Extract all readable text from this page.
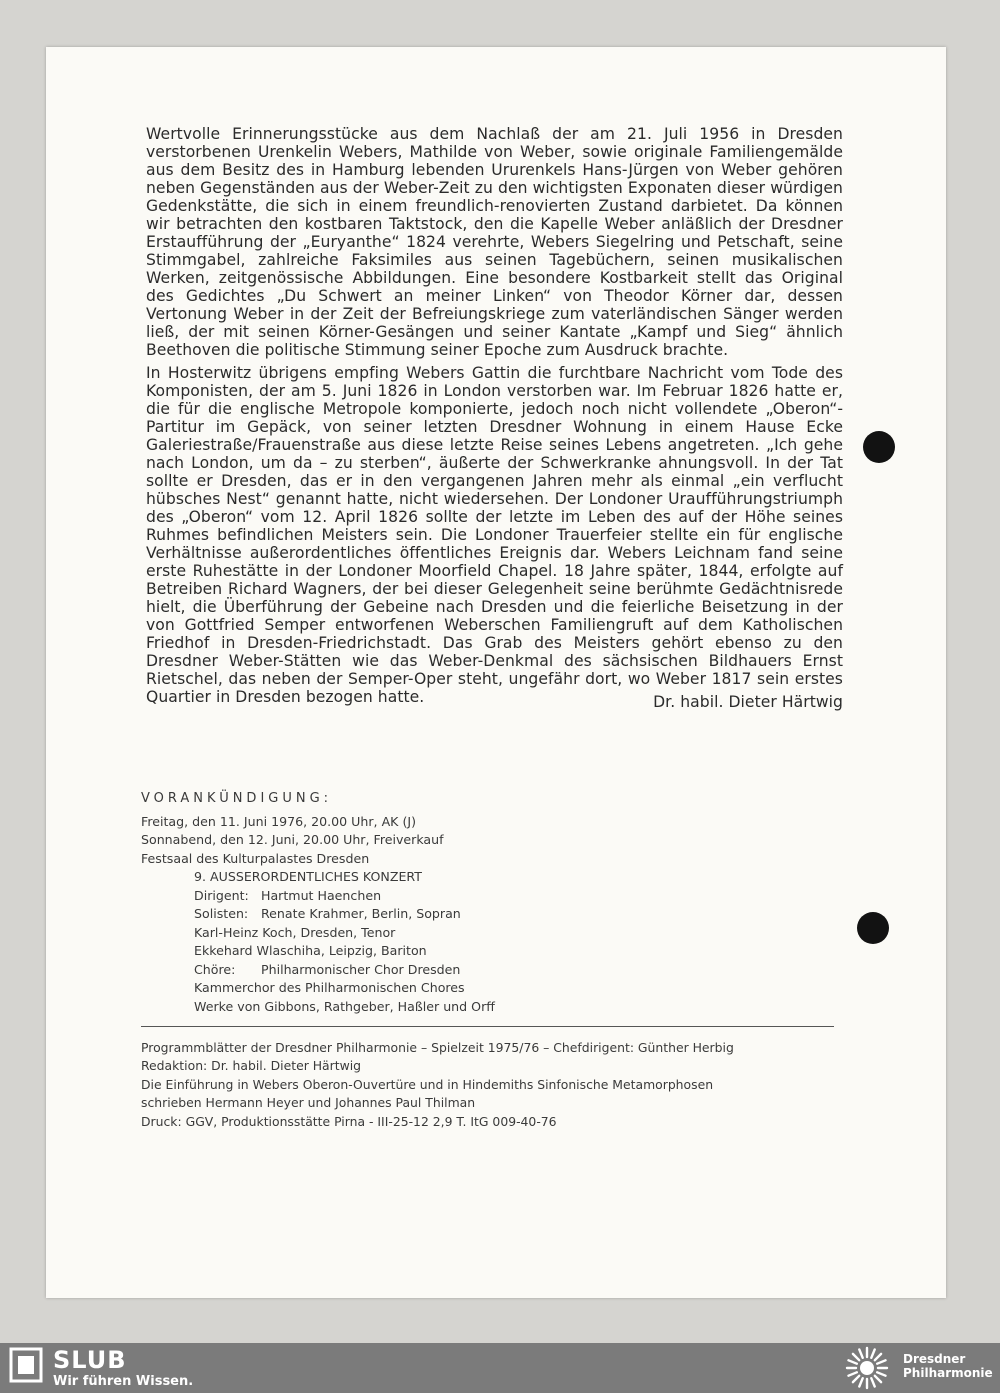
Wertvolle Erinnerungsstücke aus dem Nachlaß der am 21. Juli 1956 in Dresden verstorbenen Urenkelin Webers, Mathilde von Weber, sowie originale Familiengemälde aus dem Besitz des in Hamburg lebenden Ururenkels Hans-Jürgen von Weber gehören neben Gegenständen aus der Weber-Zeit zu den wichtigsten Exponaten dieser würdigen Gedenkstätte, die sich in einem freundlich-renovierten Zustand darbietet. Da können wir betrachten den kostbaren Taktstock, den die Kapelle Weber anläßlich der Dresdner Erstaufführung der „Euryanthe“ 1824 verehrte, Webers Siegelring und Petschaft, seine Stimmgabel, zahlreiche Faksimiles aus seinen Tagebüchern, seinen musikalischen Werken, zeitgenössische Abbildungen. Eine besondere Kostbarkeit stellt das Original des Gedichtes „Du Schwert an meiner Linken“ von Theodor Körner dar, dessen Vertonung Weber in der Zeit der Befreiungskriege zum vaterländischen Sänger werden ließ, der mit seinen Körner-Gesängen und seiner Kantate „Kampf und Sieg“ ähnlich Beethoven die politische Stimmung seiner Epoche zum Ausdruck brachte.

In Hosterwitz übrigens empfing Webers Gattin die furchtbare Nachricht vom Tode des Komponisten, der am 5. Juni 1826 in London verstorben war. Im Februar 1826 hatte er, die für die englische Metropole komponierte, jedoch noch nicht vollendete „Oberon“-Partitur im Gepäck, von seiner letzten Dresdner Wohnung in einem Hause Ecke Galeriestraße/Frauenstraße aus diese letzte Reise seines Lebens angetreten. „Ich gehe nach London, um da – zu sterben“, äußerte der Schwerkranke ahnungsvoll. In der Tat sollte er Dresden, das er in den vergangenen Jahren mehr als einmal „ein verflucht hübsches Nest“ genannt hatte, nicht wiedersehen. Der Londoner Uraufführungstriumph des „Oberon“ vom 12. April 1826 sollte der letzte im Leben des auf der Höhe seines Ruhmes befindlichen Meisters sein. Die Londoner Trauerfeier stellte ein für englische Verhältnisse außerordentliches öffentliches Ereignis dar. Webers Leichnam fand seine erste Ruhestätte in der Londoner Moorfield Chapel. 18 Jahre später, 1844, erfolgte auf Betreiben Richard Wagners, der bei dieser Gelegenheit seine berühmte Gedächtnisrede hielt, die Überführung der Gebeine nach Dresden und die feierliche Beisetzung in der von Gottfried Semper entworfenen Weberschen Familiengruft auf dem Katholischen Friedhof in Dresden-Friedrichstadt. Das Grab des Meisters gehört ebenso zu den Dresdner Weber-Stätten wie das Weber-Denkmal des sächsischen Bildhauers Ernst Rietschel, das neben der Semper-Oper steht, ungefähr dort, wo Weber 1817 sein erstes Quartier in Dresden bezogen hatte.	Dr. habil. Dieter Härtwig

VORANKÜNDIGUNG:
Freitag, den 11. Juni 1976, 20.00 Uhr, AK (J)
Sonnabend, den 12. Juni, 20.00 Uhr, Freiverkauf
Festsaal des Kulturpalastes Dresden
9. AUSSERORDENTLICHES KONZERT
Dirigent: Hartmut Haenchen
Solisten:	Renate Krahmer, Berlin, Sopran
Karl-Heinz Koch, Dresden, Tenor
Ekkehard Wlaschiha, Leipzig, Bariton
Chöre:	Philharmonischer Chor Dresden
Kammerchor des Philharmonischen Chores
Werke von Gibbons, Rathgeber, Haßler und Orff
Programmblätter der Dresdner Philharmonie – Spielzeit 1975/76 – Chefdirigent: Günther Herbig
Redaktion: Dr. habil. Dieter Härtwig
Die Einführung in Webers Oberon-Ouvertüre und in Hindemiths Sinfonische Metamorphosen
schrieben Hermann Heyer und Johannes Paul Thilman
Druck: GGV, Produktionsstätte Pirna - III-25-12 2,9 T. ItG 009-40-76
SLUB
Wir führen Wissen.
Dresdner
Philharmonie
